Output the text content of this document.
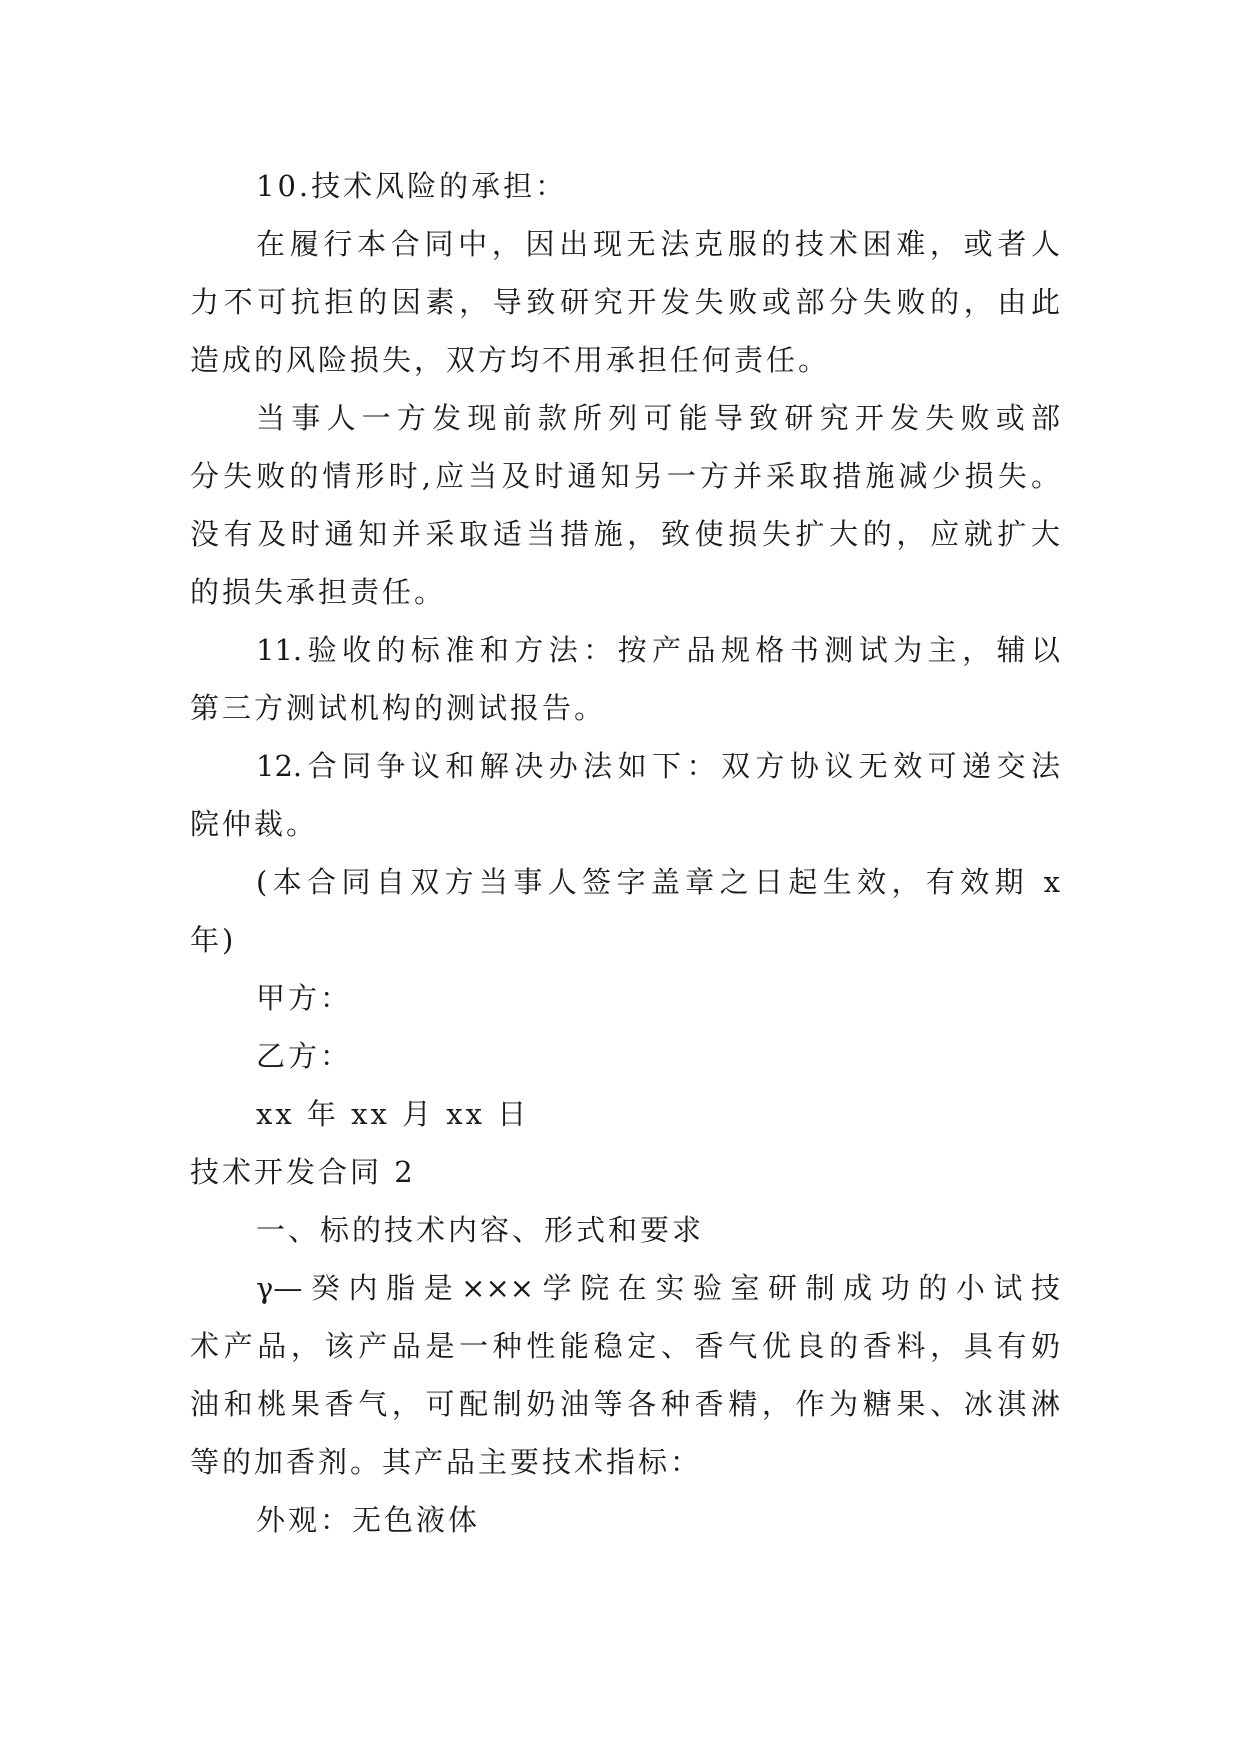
10.技术风险的承担：
在履行本合同中，因出现无法克服的技术困难，或者人
力不可抗拒的因素，导致研究开发失败或部分失败的，由此
造成的风险损失，双方均不用承担任何责任。
当事人一方发现前款所列可能导致研究开发失败或部
分失败的情形时,应当及时通知另一方并采取措施减少损失。
没有及时通知并采取适当措施，致使损失扩大的，应就扩大
的损失承担责任。
11.验收的标准和方法：按产品规格书测试为主，辅以
第三方测试机构的测试报告。
12.合同争议和解决办法如下：双方协议无效可递交法
院仲裁。
(本合同自双方当事人签字盖章之日起生效，有效期 x
年)
甲方：
乙方：
xx 年 xx 月 xx 日
技术开发合同 2
一、标的技术内容、形式和要求
γ—癸内脂是×××学院在实验室研制成功的小试技
术产品，该产品是一种性能稳定、香气优良的香料，具有奶
油和桃果香气，可配制奶油等各种香精，作为糖果、冰淇淋
等的加香剂。其产品主要技术指标：
外观：无色液体
